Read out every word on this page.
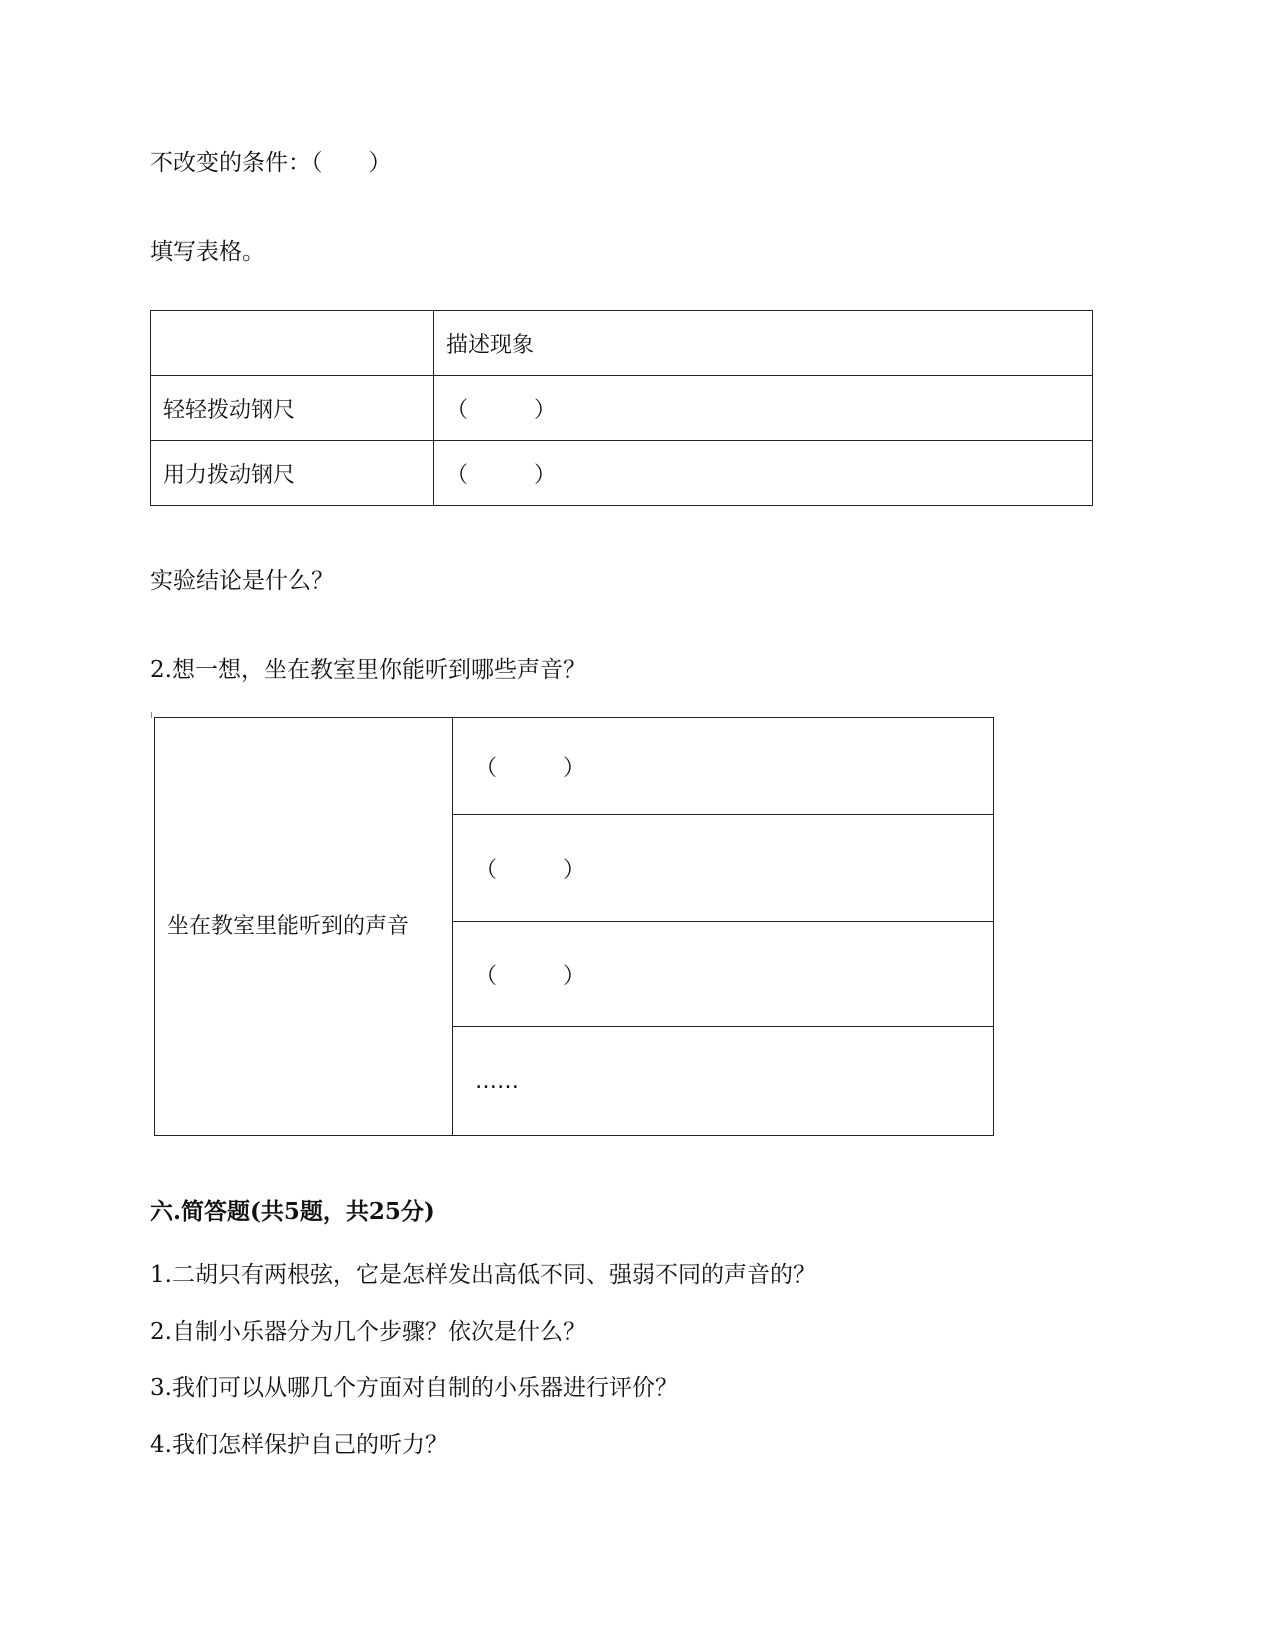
不改变的条件：（　　）
填写表格。
	描述现象
轻轻拨动钢尺	（　　　）
用力拨动钢尺	（　　　）
实验结论是什么？
2.想一想，坐在教室里你能听到哪些声音？
坐在教室里能听到的声音	（　　　）
（　　　）
（　　　）
……
六.简答题(共5题，共25分)
1.二胡只有两根弦，它是怎样发出高低不同、强弱不同的声音的？
2.自制小乐器分为几个步骤？依次是什么？
3.我们可以从哪几个方面对自制的小乐器进行评价？
4.我们怎样保护自己的听力？
